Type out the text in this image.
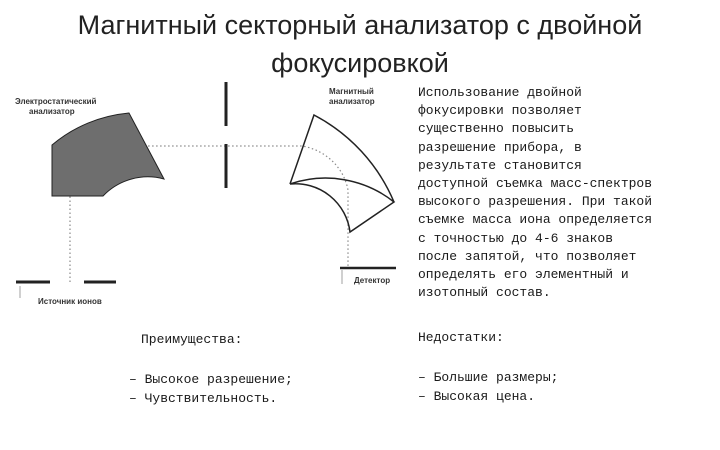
Магнитный секторный анализатор с двойной
фокусировкой
Электростатический
анализатор
Магнитный
анализатор
Детектор
Источник ионов
Использование двойной
фокусировки позволяет
существенно повысить
разрешение прибора, в
результате становится
доступной съемка масс-спектров
высокого разрешения. При такой
съемке масса иона определяется
с точностью до 4-6 знаков
после запятой, что позволяет
определять его элементный и
изотопный состав.
Преимущества:	Недостатки:
– Высокое разрешение;
– Чувствительность.
– Большие размеры;
– Высокая цена.
